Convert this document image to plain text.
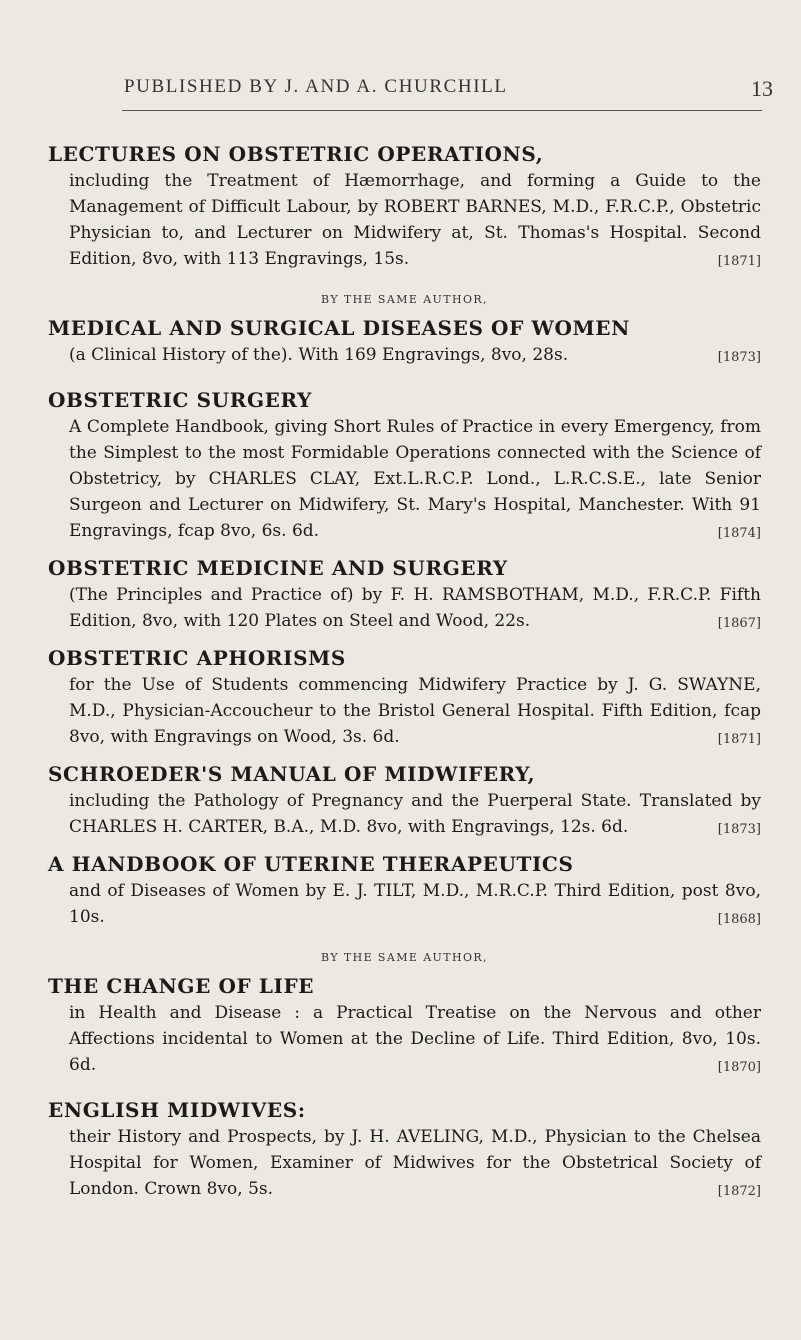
PUBLISHED BY J. AND A. CHURCHILL	13
LECTURES ON OBSTETRIC OPERATIONS,
including the Treatment of Hæmorrhage, and forming a Guide to the Management of Difficult Labour, by ROBERT BARNES, M.D., F.R.C.P., Obstetric Physician to, and Lecturer on Midwifery at, St. Thomas's Hospital. Second Edition, 8vo, with 113 Engravings, 15s.	[1871]
BY THE SAME AUTHOR,
MEDICAL AND SURGICAL DISEASES OF WOMEN
(a Clinical History of the). With 169 Engravings, 8vo, 28s.	[1873]
OBSTETRIC SURGERY
A Complete Handbook, giving Short Rules of Practice in every Emergency, from the Simplest to the most Formidable Operations connected with the Science of Obstetricy, by CHARLES CLAY, Ext.L.R.C.P. Lond., L.R.C.S.E., late Senior Surgeon and Lecturer on Midwifery, St. Mary's Hospital, Manchester. With 91 Engravings, fcap 8vo, 6s. 6d.	[1874]
OBSTETRIC MEDICINE AND SURGERY
(The Principles and Practice of) by F. H. RAMSBOTHAM, M.D., F.R.C.P. Fifth Edition, 8vo, with 120 Plates on Steel and Wood, 22s.	[1867]
OBSTETRIC APHORISMS
for the Use of Students commencing Midwifery Practice by J. G. SWAYNE, M.D., Physician-Accoucheur to the Bristol General Hospital. Fifth Edition, fcap 8vo, with Engravings on Wood, 3s. 6d.	[1871]
SCHROEDER'S MANUAL OF MIDWIFERY,
including the Pathology of Pregnancy and the Puerperal State. Translated by CHARLES H. CARTER, B.A., M.D. 8vo, with Engravings, 12s. 6d.	[1873]
A HANDBOOK OF UTERINE THERAPEUTICS
and of Diseases of Women by E. J. TILT, M.D., M.R.C.P. Third Edition, post 8vo, 10s.	[1868]
BY THE SAME AUTHOR,
THE CHANGE OF LIFE
in Health and Disease : a Practical Treatise on the Nervous and other Affections incidental to Women at the Decline of Life. Third Edition, 8vo, 10s. 6d.	[1870]
ENGLISH MIDWIVES:
their History and Prospects, by J. H. AVELING, M.D., Physician to the Chelsea Hospital for Women, Examiner of Midwives for the Obstetrical Society of London. Crown 8vo, 5s.	[1872]
